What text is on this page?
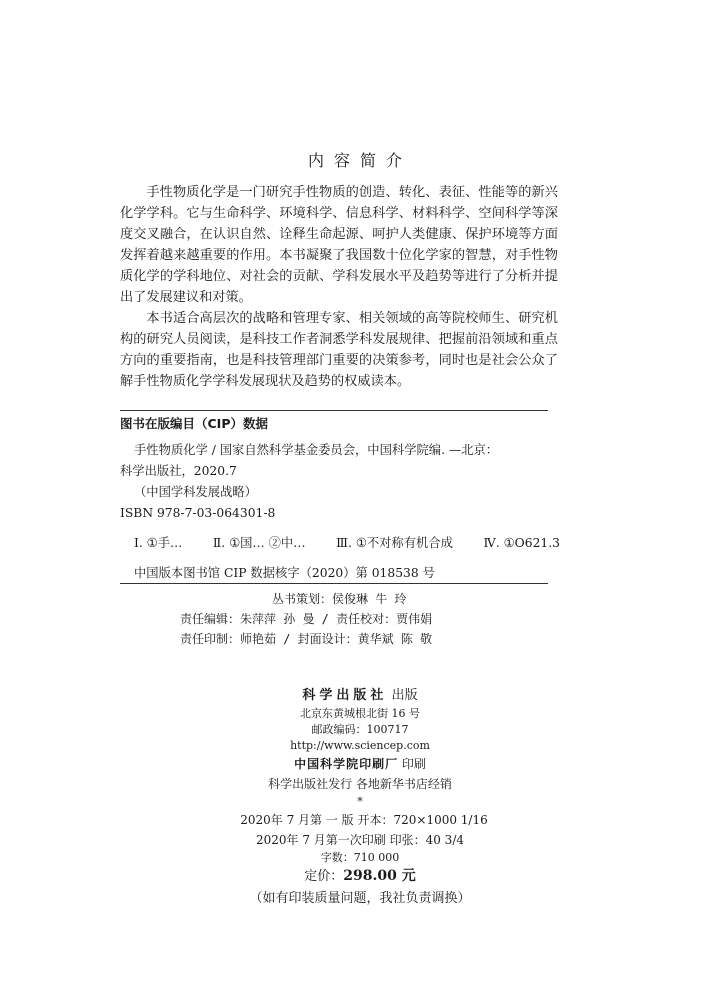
内容简介

手性物质化学是一门研究手性物质的创造、转化、表征、性能等的新兴化学学科。它与生命科学、环境科学、信息科学、材料科学、空间科学等深度交叉融合，在认识自然、诠释生命起源、呵护人类健康、保护环境等方面发挥着越来越重要的作用。本书凝聚了我国数十位化学家的智慧，对手性物质化学的学科地位、对社会的贡献、学科发展水平及趋势等进行了分析并提出了发展建议和对策。

本书适合高层次的战略和管理专家、相关领域的高等院校师生、研究机构的研究人员阅读，是科技工作者洞悉学科发展规律、把握前沿领域和重点方向的重要指南，也是科技管理部门重要的决策参考，同时也是社会公众了解手性物质化学学科发展现状及趋势的权威读本。

图书在版编目（CIP）数据
手性物质化学 / 国家自然科学基金委员会，中国科学院编. —北京：
科学出版社，2020.7
（中国学科发展战略）
ISBN 978-7-03-064301-8
Ⅰ. ①手… Ⅱ. ①国… ②中… Ⅲ. ①不对称有机合成 Ⅳ. ①O621.3
中国版本图书馆 CIP 数据核字（2020）第 018538 号
丛书策划：侯俊琳 牛 玲
责任编辑：朱萍萍 孙 曼 / 责任校对：贾伟娟
责任印制：师艳茹 / 封面设计：黄华斌 陈 敬
科学出版社 出版
北京东黄城根北街 16 号
邮政编码：100717
http://www.sciencep.com
中国科学院印刷厂 印刷
科学出版社发行 各地新华书店经销
*
2020年 7 月第 一 版 开本：720×1000 1/16
2020年 7 月第一次印刷 印张：40 3/4
字数：710 000
定价：298.00 元
（如有印装质量问题，我社负责调换）
